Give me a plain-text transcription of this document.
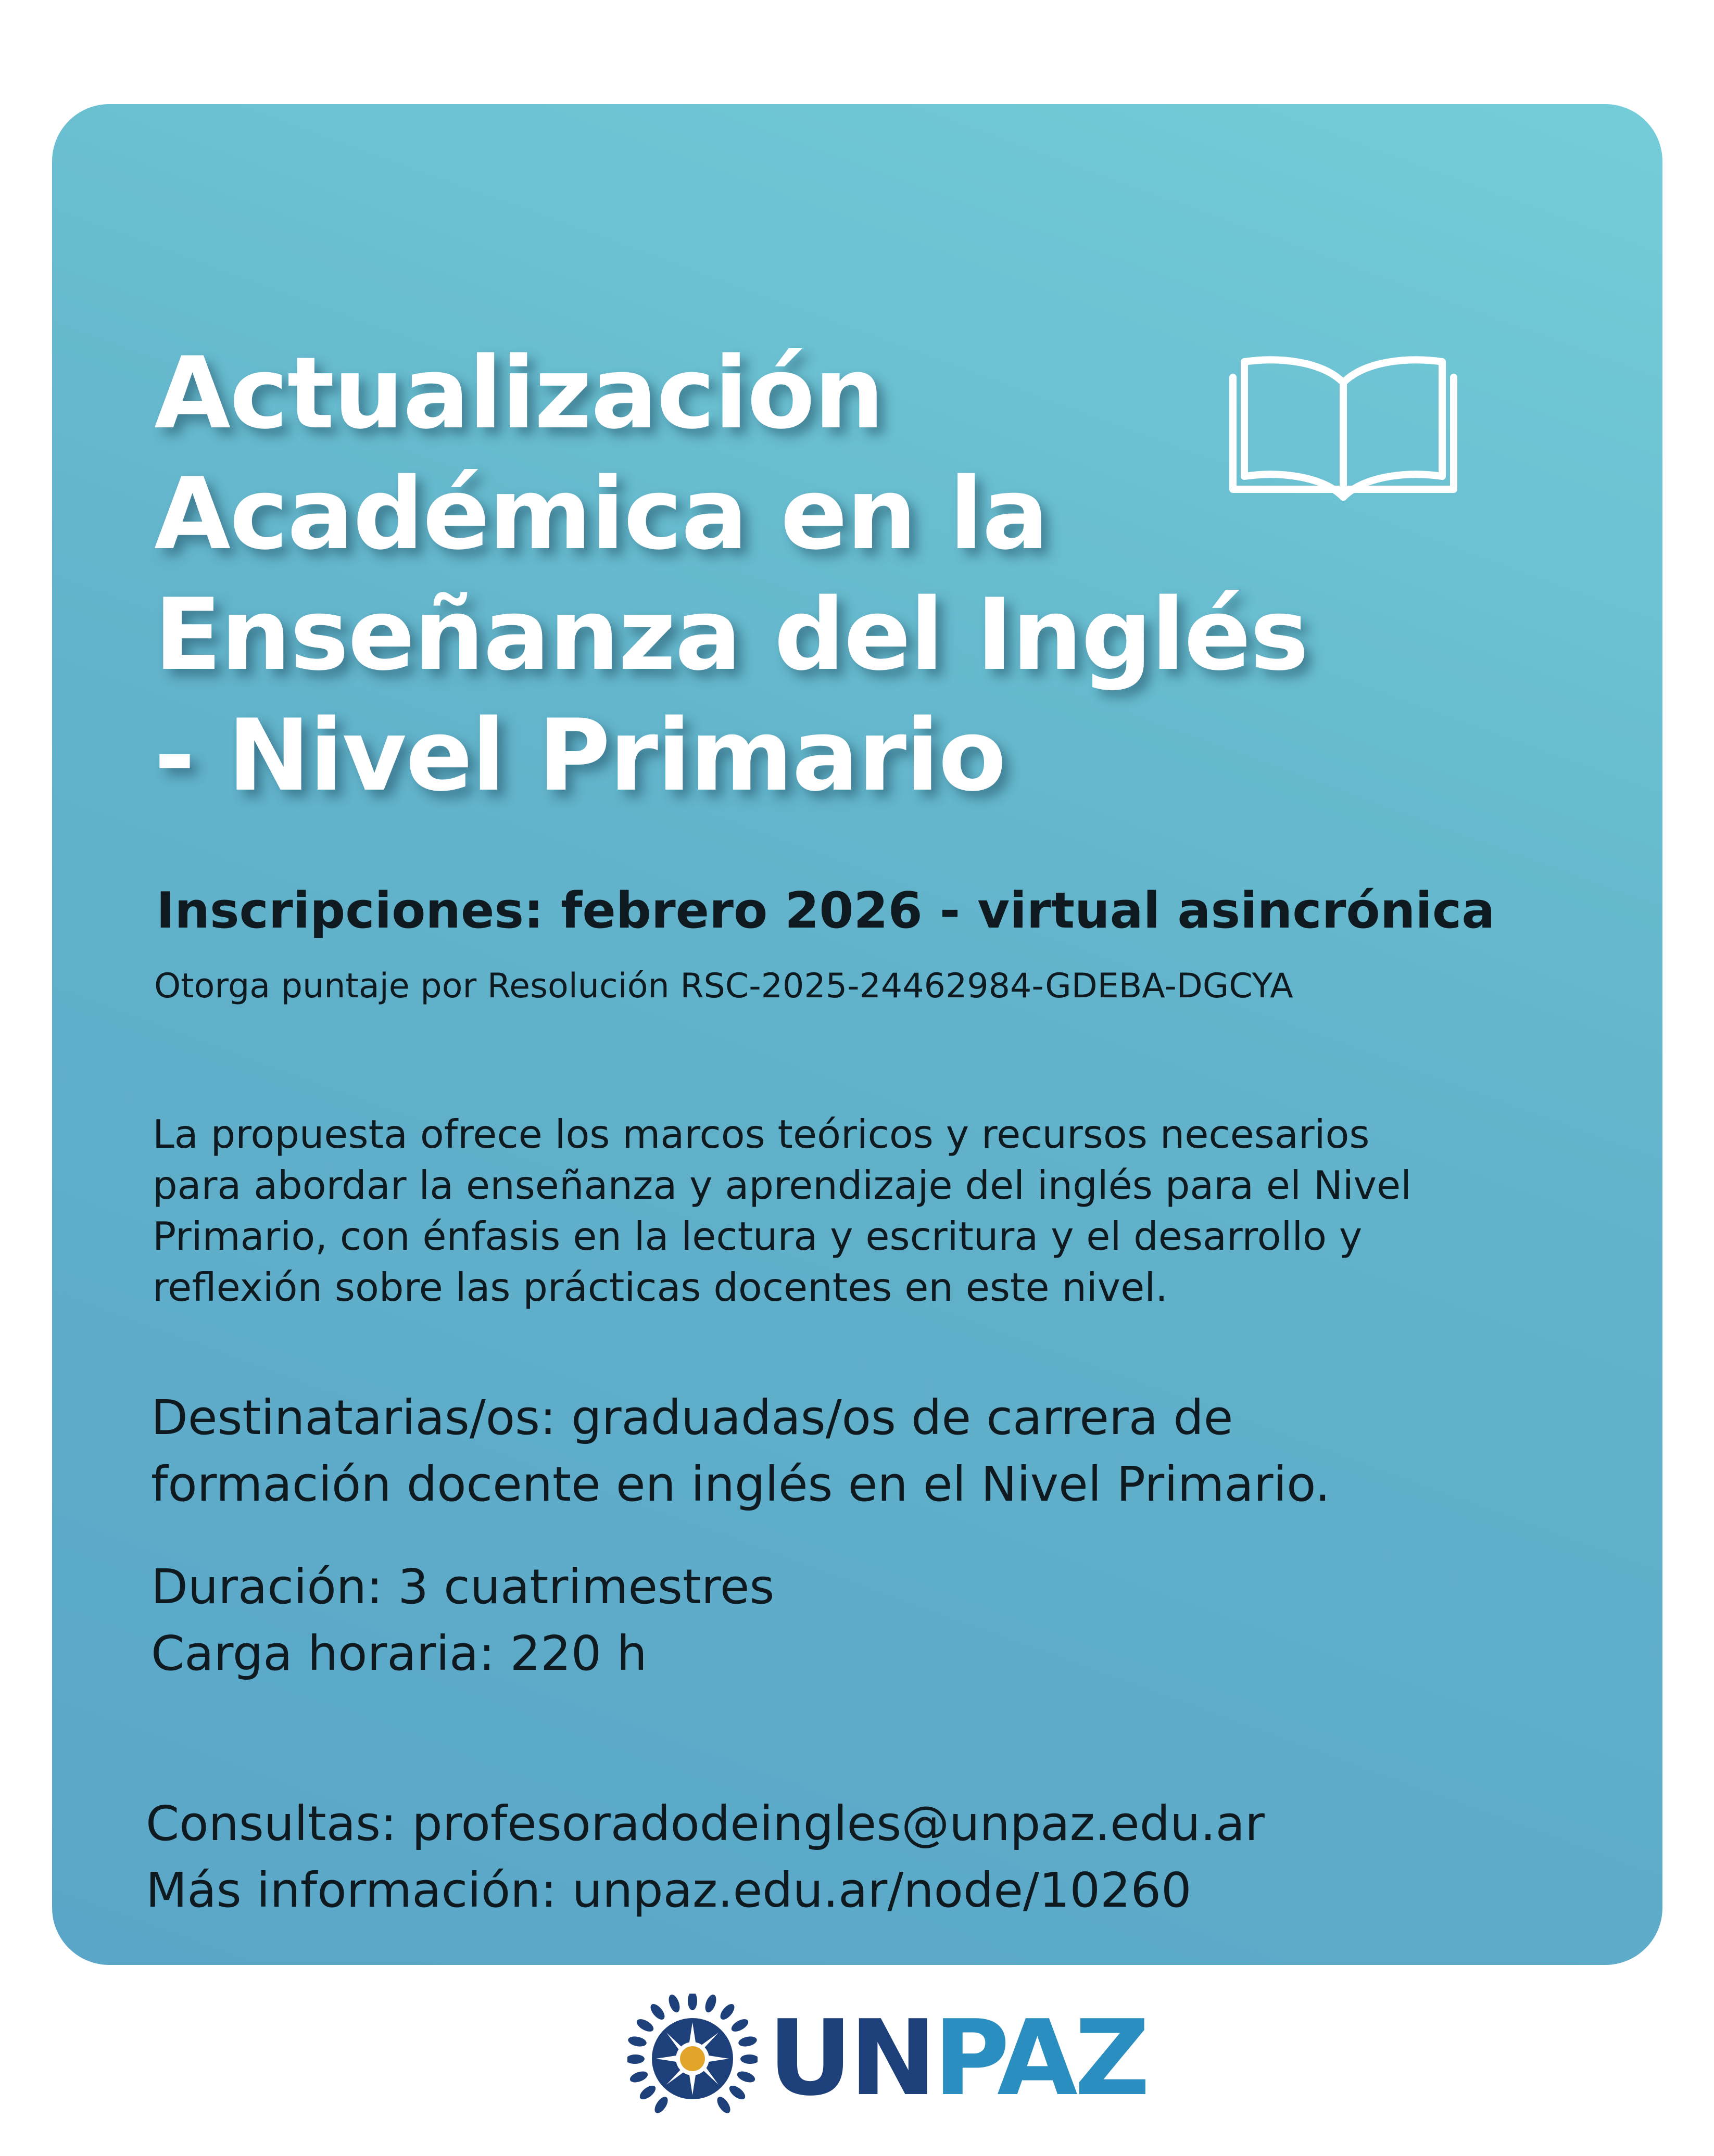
Actualización
Académica en la
Enseñanza del Inglés
- Nivel Primario
Inscripciones: febrero 2026 - virtual asincrónica
Otorga puntaje por Resolución RSC-2025-24462984-GDEBA-DGCYA
La propuesta ofrece los marcos teóricos y recursos necesarios
para abordar la enseñanza y aprendizaje del inglés para el Nivel
Primario, con énfasis en la lectura y escritura y el desarrollo y
reflexión sobre las prácticas docentes en este nivel.
Destinatarias/os: graduadas/os de carrera de
formación docente en inglés en el Nivel Primario.
Duración: 3 cuatrimestres
Carga horaria: 220 h
Consultas: profesoradodeingles@unpaz.edu.ar
Más información: unpaz.edu.ar/node/10260
UNPAZ
